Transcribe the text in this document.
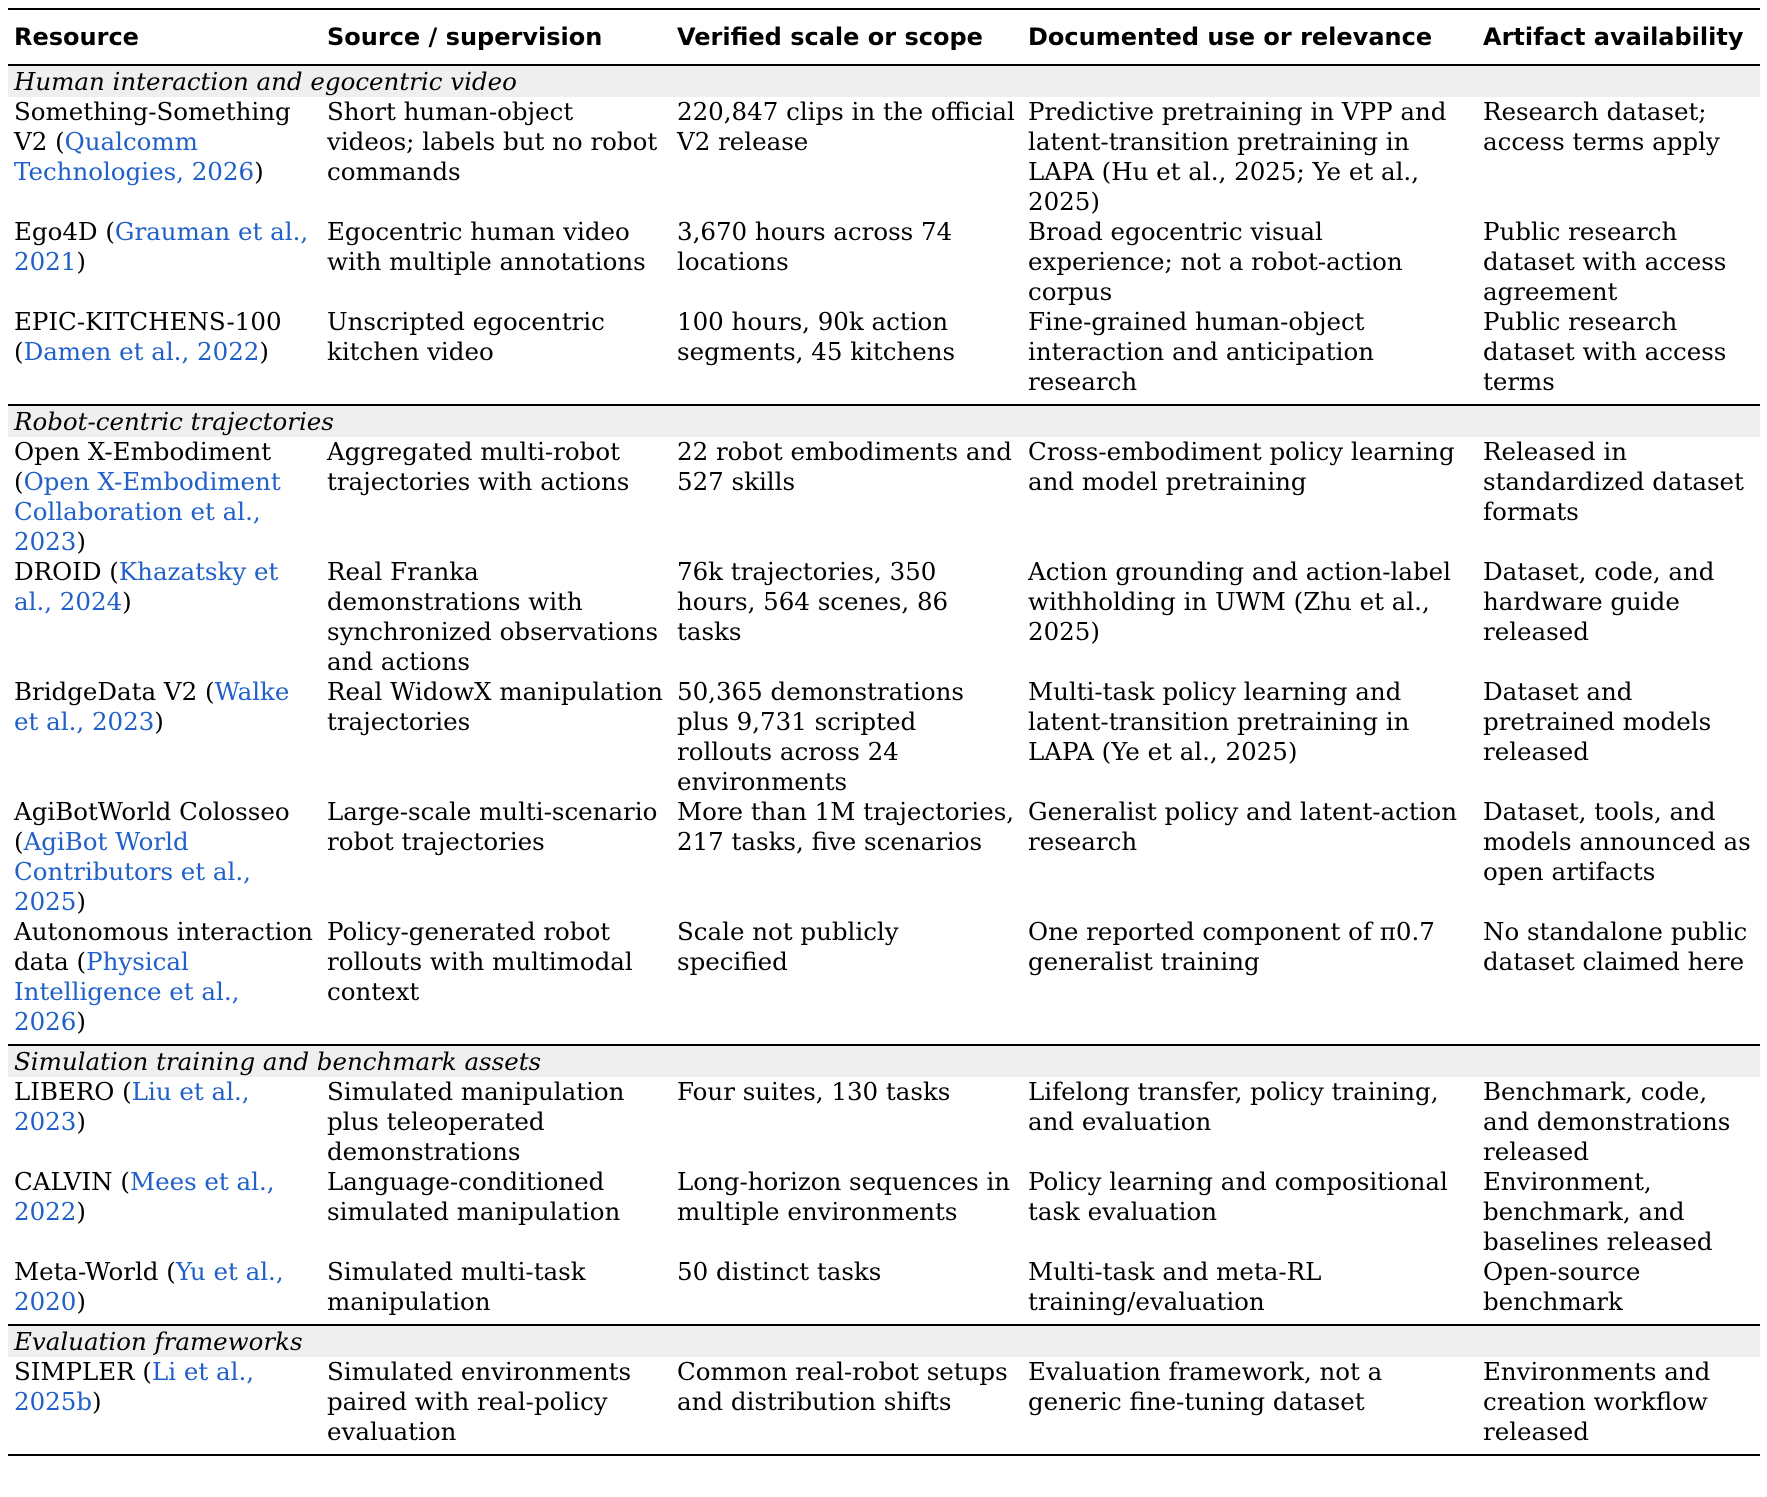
Resource	Source / supervision	Verified scale or scope	Documented use or relevance	Artifact availability
Human interaction and egocentric video				
Something-Something V2 (Qualcomm Technologies, 2026)	Short human-object videos; labels but no robot commands	220,847 clips in the official V2 release	Predictive pretraining in VPP and latent-transition pretraining in LAPA (Hu et al., 2025; Ye et al., 2025)	Research dataset; access terms apply
Ego4D (Grauman et al., 2021)	Egocentric human video with multiple annotations	3,670 hours across 74 locations	Broad egocentric visual experience; not a robot-action corpus	Public research dataset with access agreement
EPIC-KITCHENS-100 (Damen et al., 2022)	Unscripted egocentric kitchen video	100 hours, 90k action segments, 45 kitchens	Fine-grained human-object interaction and anticipation research	Public research dataset with access terms
Robot-centric trajectories				
Open X-Embodiment (Open X-Embodiment Collaboration et al., 2023)	Aggregated multi-robot trajectories with actions	22 robot embodiments and 527 skills	Cross-embodiment policy learning and model pretraining	Released in standardized dataset formats
DROID (Khazatsky et al., 2024)	Real Franka demonstrations with synchronized observations and actions	76k trajectories, 350 hours, 564 scenes, 86 tasks	Action grounding and action-label withholding in UWM (Zhu et al., 2025)	Dataset, code, and hardware guide released
BridgeData V2 (Walke et al., 2023)	Real WidowX manipulation trajectories	50,365 demonstrations plus 9,731 scripted rollouts across 24 environments	Multi-task policy learning and latent-transition pretraining in LAPA (Ye et al., 2025)	Dataset and pretrained models released
AgiBotWorld Colosseo (AgiBot World Contributors et al., 2025)	Large-scale multi-scenario robot trajectories	More than 1M trajectories, 217 tasks, five scenarios	Generalist policy and latent-action research	Dataset, tools, and models announced as open artifacts
Autonomous interaction data (Physical Intelligence et al., 2026)	Policy-generated robot rollouts with multimodal context	Scale not publicly specified	One reported component of π0.7 generalist training	No standalone public dataset claimed here
Simulation training and benchmark assets				
LIBERO (Liu et al., 2023)	Simulated manipulation plus teleoperated demonstrations	Four suites, 130 tasks	Lifelong transfer, policy training, and evaluation	Benchmark, code, and demonstrations released
CALVIN (Mees et al., 2022)	Language-conditioned simulated manipulation	Long-horizon sequences in multiple environments	Policy learning and compositional task evaluation	Environment, benchmark, and baselines released
Meta-World (Yu et al., 2020)	Simulated multi-task manipulation	50 distinct tasks	Multi-task and meta-RL training/evaluation	Open-source benchmark
Evaluation frameworks				
SIMPLER (Li et al., 2025b)	Simulated environments paired with real-policy evaluation	Common real-robot setups and distribution shifts	Evaluation framework, not a generic fine-tuning dataset	Environments and creation workflow released
